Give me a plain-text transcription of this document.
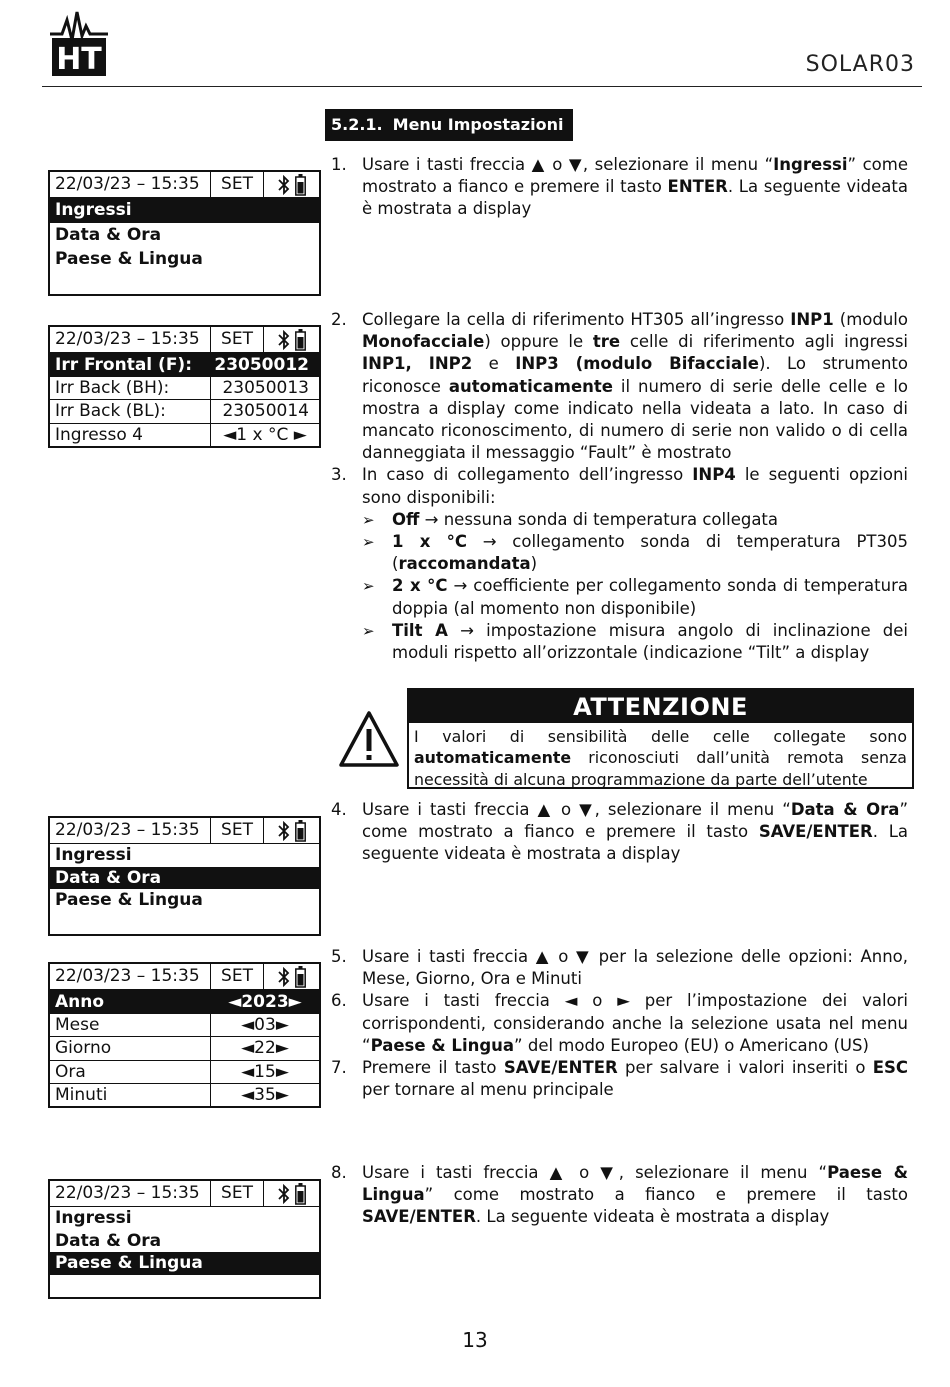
HT	SOLAR03
5.2.1. Menu Impostazioni
22/03/23 – 15:35	SET
Ingressi
Data & Ora
Paese & Lingua
22/03/23 – 15:35	SET
Irr Frontal (F):	23050012
Irr Back (BH):	23050013
Irr Back (BL):	23050014
Ingresso 4	◄1 x °C ►
22/03/23 – 15:35	SET
Ingressi
Data & Ora
Paese & Lingua
22/03/23 – 15:35	SET
Anno	◄2023►
Mese	◄03►
Giorno	◄22►
Ora	◄15►
Minuti	◄35►
22/03/23 – 15:35	SET
Ingressi
Data & Ora
Paese & Lingua
1. Usare i tasti freccia ▲ o ▼, selezionare il menu “Ingressi” come mostrato a fianco e premere il tasto ENTER. La seguente videata è mostrata a display
2. Collegare la cella di riferimento HT305 all’ingresso INP1 (modulo Monofacciale) oppure le tre celle di riferimento agli ingressi INP1, INP2 e INP3 (modulo Bifacciale). Lo strumento riconosce automaticamente il numero di serie delle celle e lo mostra a display come indicato nella videata a lato. In caso di mancato riconoscimento, di numero di serie non valido o di cella danneggiata il messaggio “Fault” è mostrato
3. In caso di collegamento dell’ingresso INP4 le seguenti opzioni sono disponibili:
➢ Off → nessuna sonda di temperatura collegata
➢ 1 x °C → collegamento sonda di temperatura PT305 (raccomandata)
➢ 2 x °C → coefficiente per collegamento sonda di temperatura doppia (al momento non disponibile)
➢ Tilt A → impostazione misura angolo di inclinazione dei moduli rispetto all’orizzontale (indicazione “Tilt” a display
ATTENZIONE
I valori di sensibilità delle celle collegate sono automaticamente riconosciuti dall’unità remota senza necessità di alcuna programmazione da parte dell’utente
4. Usare i tasti freccia ▲ o ▼, selezionare il menu “Data & Ora” come mostrato a fianco e premere il tasto SAVE/ENTER. La seguente videata è mostrata a display
5. Usare i tasti freccia ▲ o ▼ per la selezione delle opzioni: Anno, Mese, Giorno, Ora e Minuti
6. Usare i tasti freccia ◄ o ► per l’impostazione dei valori corrispondenti, considerando anche la selezione usata nel menu “Paese & Lingua” del modo Europeo (EU) o Americano (US)
7. Premere il tasto SAVE/ENTER per salvare i valori inseriti o ESC per tornare al menu principale
8. Usare i tasti freccia ▲ o ▼, selezionare il menu “Paese & Lingua” come mostrato a fianco e premere il tasto SAVE/ENTER. La seguente videata è mostrata a display
13
